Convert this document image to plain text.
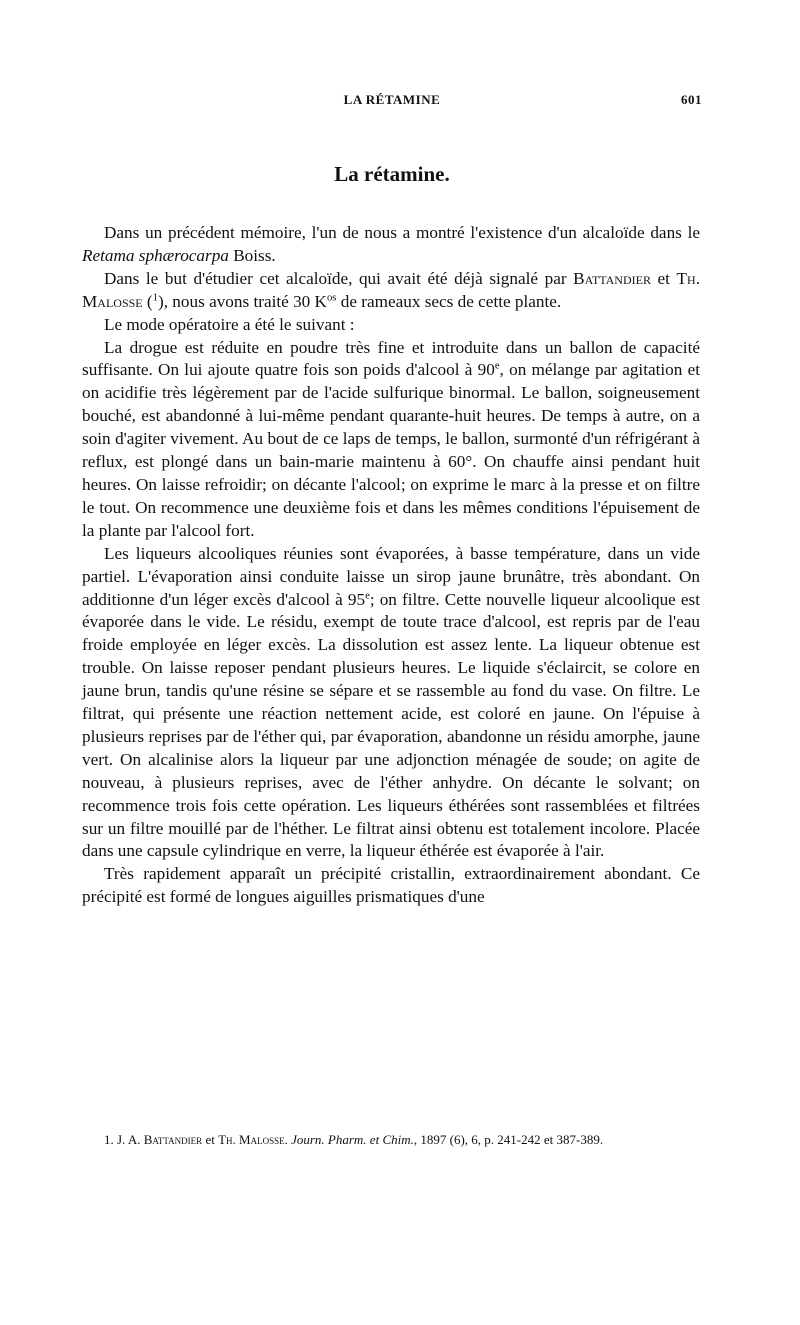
LA RÉTAMINE	601
La rétamine.

Dans un précédent mémoire, l'un de nous a montré l'existence d'un alcaloïde dans le Retama sphærocarpa Boiss.

Dans le but d'étudier cet alcaloïde, qui avait été déjà signalé par Battandier et Th. Malosse ($^1$), nous avons traité 30 $K^{os}$ de rameaux secs de cette plante.

Le mode opératoire a été le suivant :

La drogue est réduite en poudre très fine et introduite dans un ballon de capacité suffisante. On lui ajoute quatre fois son poids d'alcool à 90e, on mélange par agitation et on acidifie très légèrement par de l'acide sulfurique binormal. Le ballon, soigneusement bouché, est abandonné à lui-même pendant quarante-huit heures. De temps à autre, on a soin d'agiter vivement. Au bout de ce laps de temps, le ballon, surmonté d'un réfrigérant à reflux, est plongé dans un bain-marie maintenu à 60°. On chauffe ainsi pendant huit heures. On laisse refroidir; on décante l'alcool; on exprime le marc à la presse et on filtre le tout. On recommence une deuxième fois et dans les mêmes conditions l'épuisement de la plante par l'alcool fort.

Les liqueurs alcooliques réunies sont évaporées, à basse température, dans un vide partiel. L'évaporation ainsi conduite laisse un sirop jaune brunâtre, très abondant. On additionne d'un léger excès d'alcool à 95e; on filtre. Cette nouvelle liqueur alcoolique est évaporée dans le vide. Le résidu, exempt de toute trace d'alcool, est repris par de l'eau froide employée en léger excès. La dissolution est assez lente. La liqueur obtenue est trouble. On laisse reposer pendant plusieurs heures. Le liquide s'éclaircit, se colore en jaune brun, tandis qu'une résine se sépare et se rassemble au fond du vase. On filtre. Le filtrat, qui présente une réaction nettement acide, est coloré en jaune. On l'épuise à plusieurs reprises par de l'éther qui, par évaporation, abandonne un résidu amorphe, jaune vert. On alcalinise alors la liqueur par une adjonction ménagée de soude; on agite de nouveau, à plusieurs reprises, avec de l'éther anhydre. On décante le solvant; on recommence trois fois cette opération. Les liqueurs éthérées sont rassemblées et filtrées sur un filtre mouillé par de l'héther. Le filtrat ainsi obtenu est totalement incolore. Placée dans une capsule cylindrique en verre, la liqueur éthérée est évaporée à l'air.

Très rapidement apparaît un précipité cristallin, extraordinairement abondant. Ce précipité est formé de longues aiguilles prismatiques d'une

1. J. A. Battandier et Th. Malosse. Journ. Pharm. et Chim., 1897 (6), 6, p. 241-242 et 387-389.
